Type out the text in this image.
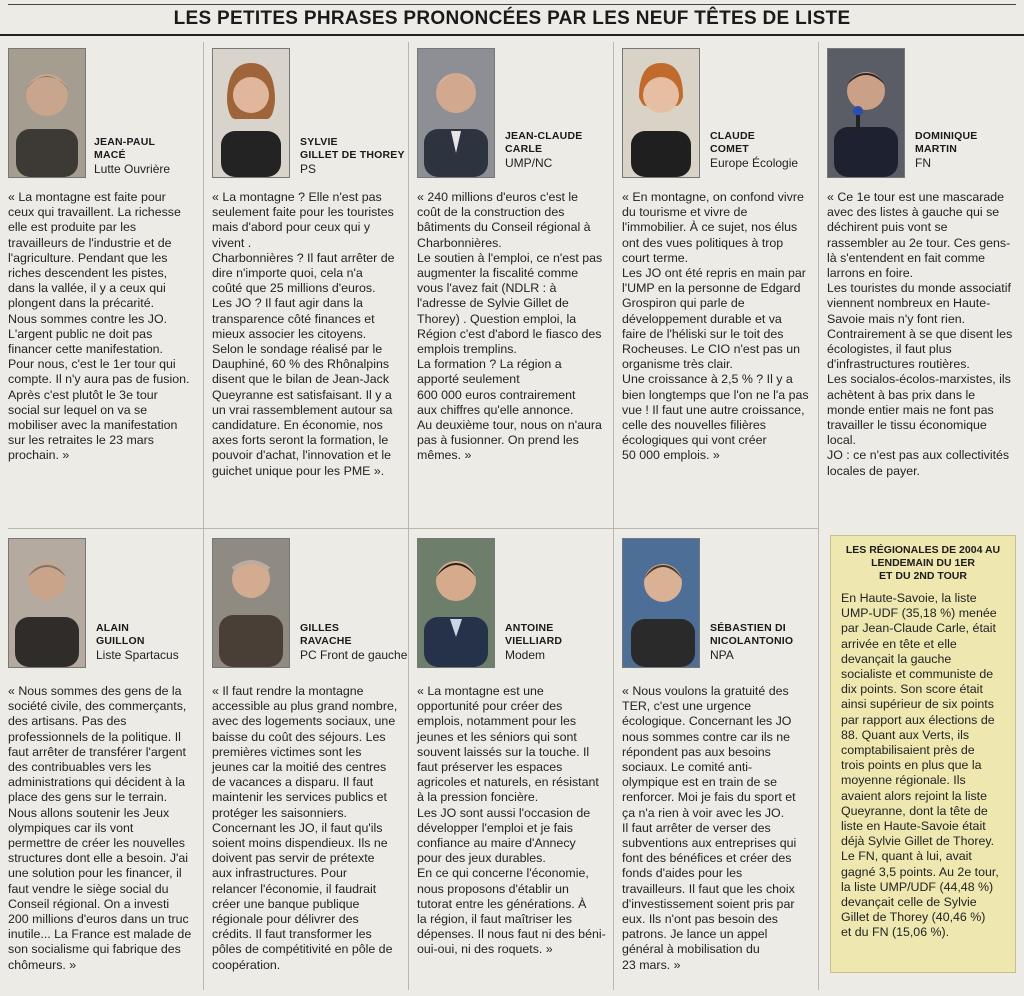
LES PETITES PHRASES PRONONCÉES PAR LES NEUF TÊTES DE LISTE
JEAN-PAUL
MACÉ
Lutte Ouvrière
« La montagne est faite pour
ceux qui travaillent. La richesse
elle est produite par les
travailleurs de l'industrie et de
l'agriculture. Pendant que les
riches descendent les pistes,
dans la vallée, il y a ceux qui
plongent dans la précarité.
Nous sommes contre les JO.
L'argent public ne doit pas
financer cette manifestation.
Pour nous, c'est le 1er tour qui
compte. Il n'y aura pas de fusion.
Après c'est plutôt le 3e tour
social sur lequel on va se
mobiliser avec la manifestation
sur les retraites le 23 mars
prochain. »
SYLVIE
GILLET DE THOREY
PS
« La montagne ? Elle n'est pas
seulement faite pour les touristes
mais d'abord pour ceux qui y
vivent .
Charbonnières ? Il faut arrêter de
dire n'importe quoi, cela n'a
coûté que 25 millions d'euros.
Les JO ? Il faut agir dans la
transparence côté finances et
mieux associer les citoyens.
Selon le sondage réalisé par le
Dauphiné, 60 % des Rhônalpins
disent que le bilan de Jean-Jack
Queyranne est satisfaisant. Il y a
un vrai rassemblement autour sa
candidature. En économie, nos
axes forts seront la formation, le
pouvoir d'achat, l'innovation et le
guichet unique pour les PME ».
JEAN-CLAUDE
CARLE
UMP/NC
« 240 millions d'euros c'est le
coût de la construction des
bâtiments du Conseil régional à
Charbonnières.
Le soutien à l'emploi, ce n'est pas
augmenter la fiscalité comme
vous l'avez fait (NDLR : à
l'adresse de Sylvie Gillet de
Thorey) . Question emploi, la
Région c'est d'abord le fiasco des
emplois tremplins.
La formation ? La région a
apporté seulement
600 000 euros contrairement
aux chiffres qu'elle annonce.
Au deuxième tour, nous on n'aura
pas à fusionner. On prend les
mêmes. »
CLAUDE
COMET
Europe Écologie
« En montagne, on confond vivre
du tourisme et vivre de
l'immobilier. À ce sujet, nos élus
ont des vues politiques à trop
court terme.
Les JO ont été repris en main par
l'UMP en la personne de Edgard
Grospiron qui parle de
développement durable et va
faire de l'héliski sur le toit des
Rocheuses. Le CIO n'est pas un
organisme très clair.
Une croissance à 2,5 % ? Il y a
bien longtemps que l'on ne l'a pas
vue ! Il faut une autre croissance,
celle des nouvelles filières
écologiques qui vont créer
50 000 emplois. »
DOMINIQUE
MARTIN
FN
« Ce 1e tour est une mascarade
avec des listes à gauche qui se
déchirent puis vont se
rassembler au 2e tour. Ces gens-
là s'entendent en fait comme
larrons en foire.
Les touristes du monde associatif
viennent nombreux en Haute-
Savoie mais n'y font rien.
Contrairement à se que disent les
écologistes, il faut plus
d'infrastructures routières.
Les socialos-écolos-marxistes, ils
achètent à bas prix dans le
monde entier mais ne font pas
travailler le tissu économique
local.
JO : ce n'est pas aux collectivités
locales de payer.
ALAIN
GUILLON
Liste Spartacus
« Nous sommes des gens de la
société civile, des commerçants,
des artisans. Pas des
professionnels de la politique. Il
faut arrêter de transférer l'argent
des contribuables vers les
administrations qui décident à la
place des gens sur le terrain.
Nous allons soutenir les Jeux
olympiques car ils vont
permettre de créer les nouvelles
structures dont elle a besoin. J'ai
une solution pour les financer, il
faut vendre le siège social du
Conseil régional. On a investi
200 millions d'euros dans un truc
inutile... La France est malade de
son socialisme qui fabrique des
chômeurs. »
GILLES
RAVACHE
PC Front de gauche
« Il faut rendre la montagne
accessible au plus grand nombre,
avec des logements sociaux, une
baisse du coût des séjours. Les
premières victimes sont les
jeunes car la moitié des centres
de vacances a disparu. Il faut
maintenir les services publics et
protéger les saisonniers.
Concernant les JO, il faut qu'ils
soient moins dispendieux. Ils ne
doivent pas servir de prétexte
aux infrastructures. Pour
relancer l'économie, il faudrait
créer une banque publique
régionale pour délivrer des
crédits. Il faut transformer les
pôles de compétitivité en pôle de
coopération.
ANTOINE
VIELLIARD
Modem
« La montagne est une
opportunité pour créer des
emplois, notamment pour les
jeunes et les séniors qui sont
souvent laissés sur la touche. Il
faut préserver les espaces
agricoles et naturels, en résistant
à la pression foncière.
Les JO sont aussi l'occasion de
développer l'emploi et je fais
confiance au maire d'Annecy
pour des jeux durables.
En ce qui concerne l'économie,
nous proposons d'établir un
tutorat entre les générations. À
la région, il faut maîtriser les
dépenses. Il nous faut ni des béni-
oui-oui, ni des roquets. »
SÉBASTIEN DI
NICOLANTONIO
NPA
« Nous voulons la gratuité des
TER, c'est une urgence
écologique. Concernant les JO
nous sommes contre car ils ne
répondent pas aux besoins
sociaux. Le comité anti-
olympique est en train de se
renforcer. Moi je fais du sport et
ça n'a rien à voir avec les JO.
Il faut arrêter de verser des
subventions aux entreprises qui
font des bénéfices et créer des
fonds d'aides pour les
travailleurs. Il faut que les choix
d'investissement soient pris par
eux. Ils n'ont pas besoin des
patrons. Je lance un appel
général à mobilisation du
23 mars. »
LES RÉGIONALES DE 2004 AU
LENDEMAIN DU 1ER
ET DU 2ND TOUR
En Haute-Savoie, la liste
UMP-UDF (35,18 %) menée
par Jean-Claude Carle, était
arrivée en tête et elle
devançait la gauche
socialiste et communiste de
dix points. Son score était
ainsi supérieur de six points
par rapport aux élections de
88. Quant aux Verts, ils
comptabilisaient près de
trois points en plus que la
moyenne régionale. Ils
avaient alors rejoint la liste
Queyranne, dont la tête de
liste en Haute-Savoie était
déjà Sylvie Gillet de Thorey.
Le FN, quant à lui, avait
gagné 3,5 points. Au 2e tour,
la liste UMP/UDF (44,48 %)
devançait celle de Sylvie
Gillet de Thorey (40,46 %)
et du FN (15,06 %).
